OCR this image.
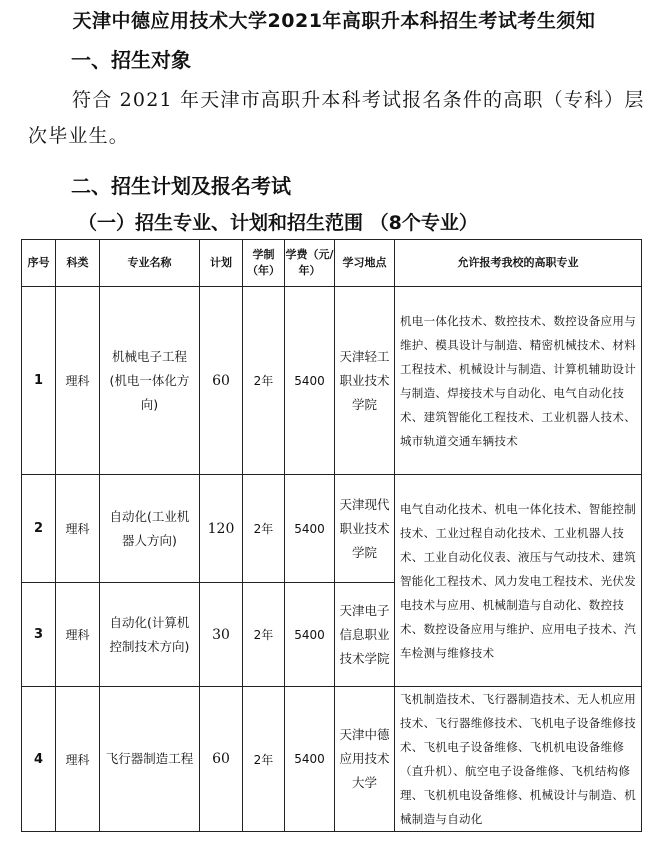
天津中德应用技术大学2021年高职升本科招生考试考生须知
一、招生对象
符合 2021 年天津市高职升本科考试报名条件的高职（专科）层次毕业生。
二、招生计划及报名考试
（一）招生专业、计划和招生范围 （8个专业）
序号	科类	专业名称	计划	学制（年）	学费（元/年）	学习地点	允许报考我校的高职专业
1	理科	机械电子工程(机电一体化方向)	60	2年	5400	天津轻工职业技术学院	机电一体化技术、数控技术、数控设备应用与维护、模具设计与制造、精密机械技术、材料工程技术、机械设计与制造、计算机辅助设计与制造、焊接技术与自动化、电气自动化技术、建筑智能化工程技术、工业机器人技术、城市轨道交通车辆技术
2	理科	自动化(工业机器人方向)	120	2年	5400	天津现代职业技术学院	电气自动化技术、机电一体化技术、智能控制技术、工业过程自动化技术、工业机器人技术、工业自动化仪表、液压与气动技术、建筑智能化工程技术、风力发电工程技术、光伏发电技术与应用、机械制造与自动化、数控技术、数控设备应用与维护、应用电子技术、汽车检测与维修技术
3	理科	自动化(计算机控制技术方向)	30	2年	5400	天津电子信息职业技术学院	
4	理科	飞行器制造工程	60	2年	5400	天津中德应用技术大学	飞机制造技术、飞行器制造技术、无人机应用技术、飞行器维修技术、飞机电子设备维修技术、飞机电子设备维修、飞机机电设备维修（直升机）、航空电子设备维修、飞机结构修理、飞机机电设备维修、机械设计与制造、机械制造与自动化
